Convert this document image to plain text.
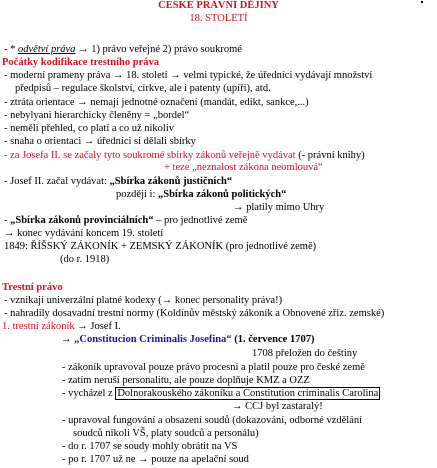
ČESKÉ PRÁVNÍ DĚJINY
18. STOLETÍ
- * odvětví práva → 1) právo veřejné 2) právo soukromé
Počátky kodifikace trestního práva
- moderní prameny práva → 18. století → velmi typické, že úředníci vydávají množství
předpisů – regulace školství, církve, ale i patenty (upíři), atd.
- ztráta orientace → nemají jednotné označení (mandát, edikt, sankce,...)
- nebylyani hierarchicky členěny = „bordel“
- neměli přehled, co platí a co už nikoliv
- snaha o orientaci → úředníci si dělali sbírky
- za Josefa II. se začaly tyto soukromé sbírky zákonů veřejně vydávat (- právní knihy)
+ teze „neznalost zákona neomlouvá“
- Josef II. začal vydávat: „Sbírka zákonů justičních“
později i: „Sbírka zákonů politických“
→ platily mimo Uhry
- „Sbírka zákonů provinciálních“ – pro jednotlivé země
→ konec vydávání koncem 19. století
1849: ŘÍŠSKÝ ZÁKONÍK + ZEMSKÝ ZÁKONÍK (pro jednotlivé země)
(do r. 1918)
Trestní právo
- vznikají univerzální platné kodexy (→ konec personality práva!)
- nahradily dosavadní trestní normy (Koldínův městský zákoník a Obnovené zřiz. zemské)
1. trestní zákoník → Josef I.
→ „Constitucion Criminalis Josefina“ (1. července 1707)
1708 přeložen do češtiny
- zákoník upravoval pouze právo procesní a platil pouze pro české země
- zatím neruší personalitu, ale pouze doplňuje KMZ a OZZ
- vycházel z Dolnorakouského zákoníku a Constitution criminalis Carolina
→ CCJ byl zastaralý!
- upravoval fungování a obsazení soudů (dokazování, odborné vzdělání
soudců nikoli VŠ, platy soudců a personálu)
- do r. 1707 se soudy mohly obrátit na VS
- po r. 1707 už ne → pouze na apelační soud
